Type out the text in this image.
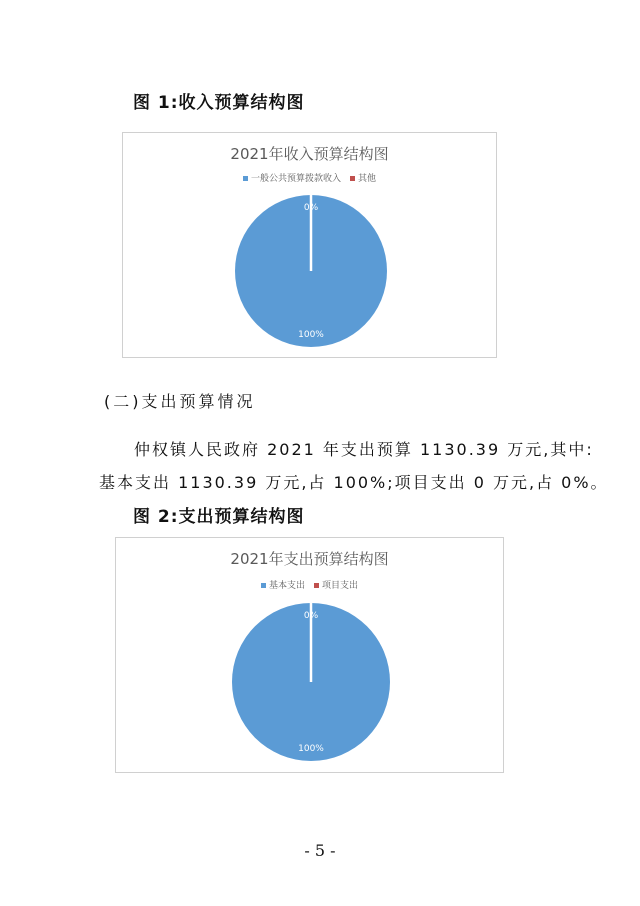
图 1:收入预算结构图
2021年收入预算结构图
一般公共预算拨款收入 其他
100%
0%
(二)支出预算情况
仲权镇人民政府 2021 年支出预算 1130.39 万元,其中:
基本支出 1130.39 万元,占 100%;项目支出 0 万元,占 0%。
图 2:支出预算结构图
2021年支出预算结构图
基本支出 项目支出
100%
0%
- 5 -
